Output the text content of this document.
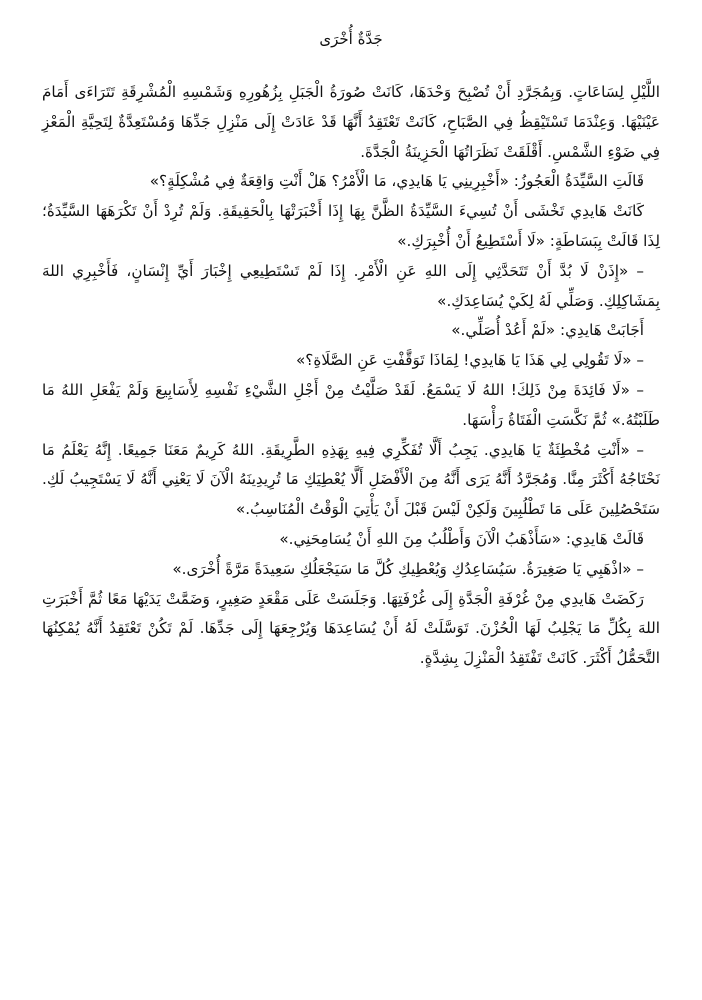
جَدَّةٌ أُخْرَى

اللَّيْلِ لِسَاعَاتٍ. وَبِمُجَرَّدِ أَنْ تُصْبِحَ وَحْدَهَا، كَانَتْ صُورَةُ الْجَبَلِ بِزُهُورِهِ وَشَمْسِهِ الْمُشْرِقَةِ تَتَرَاءَى أَمَامَ عَيْنَيْهَا. وَعِنْدَمَا تَسْتَيْقِظُ فِي الصَّبَاحِ، كَانَتْ تَعْتَقِدُ أَنَّهَا قَدْ عَادَتْ إِلَى مَنْزِلِ جَدِّهَا وَمُسْتَعِدَّةٌ لِتَحِيَّةِ الْمَعْزِ فِي ضَوْءِ الشَّمْسِ. أَقْلَقَتْ نَظَرَاتُهَا الْحَزِينَةُ الْجَدَّةَ.

قَالَتِ السَّيِّدَةُ الْعَجُوزُ: «أَخْبِرِينِي يَا هَايدِي، مَا الْأَمْرُ؟ هَلْ أَنْتِ وَاقِعَةٌ فِي مُشْكِلَةٍ؟»

كَانَتْ هَايدِي تَخْشَى أَنْ تُسِيءَ السَّيِّدَةُ الظَّنَّ بِهَا إِذَا أَخْبَرَتْهَا بِالْحَقِيقَةِ. وَلَمْ تُرِدْ أَنْ تَكْرَهَهَا السَّيِّدَةُ؛ لِذَا قَالَتْ بِبَسَاطَةٍ: «لَا أَسْتَطِيعُ أَنْ أُخْبِرَكِ.»

– «إِذَنْ لَا بُدَّ أَنْ تَتَحَدَّثِي إِلَى اللهِ عَنِ الْأَمْرِ. إِذَا لَمْ تَسْتَطِيعِي إِخْبَارَ أَيِّ إِنْسَانٍ، فَأَخْبِرِي اللهَ بِمَشَاكِلِكِ. وَصَلِّي لَهُ لِكَيْ يُسَاعِدَكِ.»

أَجَابَتْ هَايدِي: «لَمْ أَعُدْ أُصَلِّي.»

– «لَا تَقُولِي لِي هَذَا يَا هَايدِي! لِمَاذَا تَوَقَّفْتِ عَنِ الصَّلَاةِ؟»

– «لَا فَائِدَةَ مِنْ ذَلِكَ! اللهُ لَا يَسْمَعُ. لَقَدْ صَلَّيْتُ مِنْ أَجْلِ الشَّيْءِ نَفْسِهِ لِأَسَابِيعَ وَلَمْ يَفْعَلِ اللهُ مَا طَلَبْتُهُ.» ثُمَّ نَكَّسَتِ الْفَتَاةُ رَأْسَهَا.

– «أَنْتِ مُخْطِئَةٌ يَا هَايدِي. يَجِبُ أَلَّا تُفَكِّرِي فِيهِ بِهَذِهِ الطَّرِيقَةِ. اللهُ كَرِيمٌ مَعَنَا جَمِيعًا. إِنَّهُ يَعْلَمُ مَا نَحْتَاجُهُ أَكْثَرَ مِنَّا. وَمُجَرَّدُ أَنَّهُ يَرَى أَنَّهُ مِنَ الْأَفْضَلِ أَلَّا يُعْطِيَكِ مَا تُرِيدِينَهُ الْآنَ لَا يَعْنِي أَنَّهُ لَا يَسْتَجِيبُ لَكِ. سَتَحْصُلِينَ عَلَى مَا تَطْلُبِينَ وَلَكِنْ لَيْسَ قَبْلَ أَنْ يَأْتِيَ الْوَقْتُ الْمُنَاسِبُ.»

قَالَتْ هَايدِي: «سَأَذْهَبُ الْآنَ وَأَطْلُبُ مِنَ اللهِ أَنْ يُسَامِحَنِي.»

– «اذْهَبِي يَا صَغِيرَةُ. سَيُسَاعِدُكِ وَيُعْطِيكِ كُلَّ مَا سَيَجْعَلُكِ سَعِيدَةً مَرَّةً أُخْرَى.»

رَكَضَتْ هَايدِي مِنْ غُرْفَةِ الْجَدَّةِ إِلَى غُرْفَتِهَا. وَجَلَسَتْ عَلَى مَقْعَدٍ صَغِيرٍ، وَضَمَّتْ يَدَيْهَا مَعًا ثُمَّ أَخْبَرَتِ اللهَ بِكُلِّ مَا يَجْلِبُ لَهَا الْحُزْنَ. تَوَسَّلَتْ لَهُ أَنْ يُسَاعِدَهَا وَيُرْجِعَهَا إِلَى جَدِّهَا. لَمْ تَكُنْ تَعْتَقِدُ أَنَّهُ يُمْكِنُهَا التَّحَمُّلُ أَكْثَرَ. كَانَتْ تَفْتَقِدُ الْمَنْزِلَ بِشِدَّةٍ.
